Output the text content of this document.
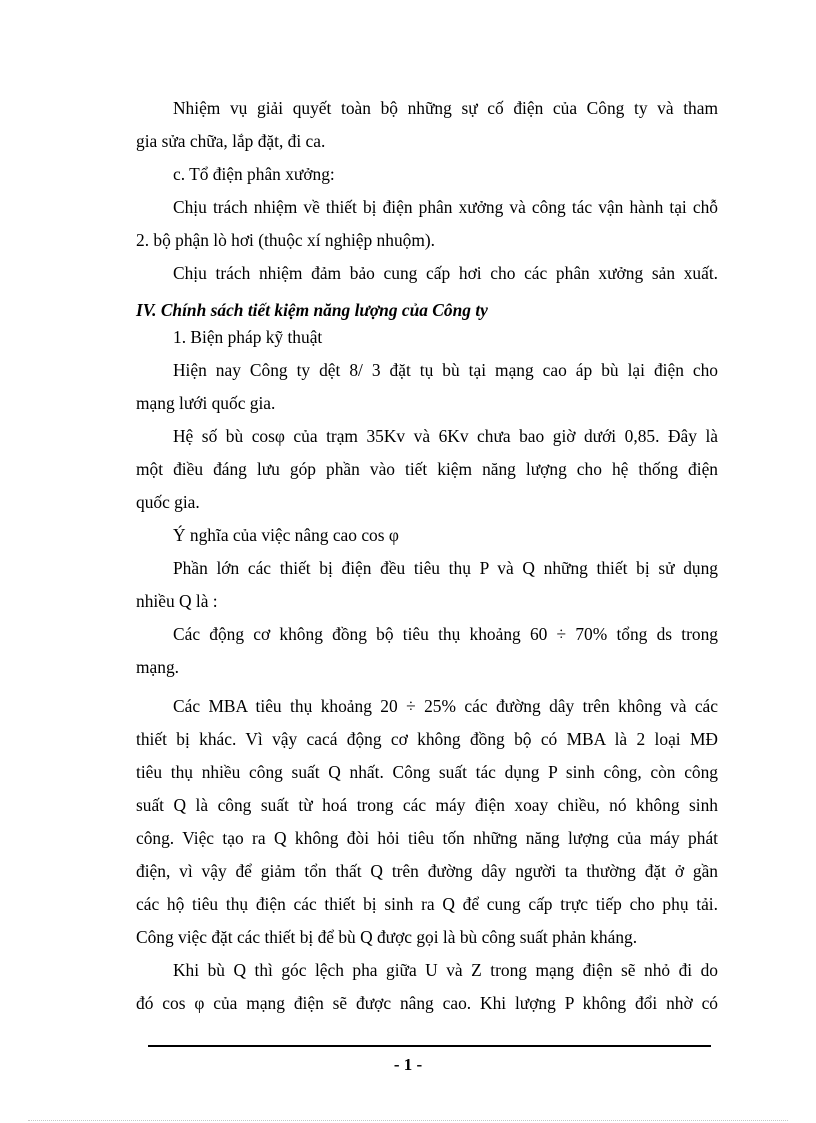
Nhiệm vụ giải quyết toàn bộ những sự cố điện của Công ty và tham
gia sửa chữa, lắp đặt, đi ca.
c. Tổ điện phân xưởng:
Chịu trách nhiệm về thiết bị điện phân xưởng và công tác vận hành tại chỗ
2. bộ phận lò hơi (thuộc xí nghiệp nhuộm).
Chịu trách nhiệm đảm bảo cung cấp hơi cho các phân xưởng sản xuất.
IV. Chính sách tiết kiệm năng lượng của Công ty
1. Biện pháp kỹ thuật
Hiện nay Công ty dệt 8/ 3 đặt tụ bù tại mạng cao áp bù lại điện cho
mạng lưới quốc gia.
Hệ số bù cosφ của trạm 35Kv và 6Kv chưa bao giờ dưới 0,85. Đây là
một điều đáng lưu góp phần vào tiết kiệm năng lượng cho hệ thống điện
quốc gia.
Ý nghĩa của việc nâng cao cos φ
Phần lớn các thiết bị điện đều tiêu thụ P và Q những thiết bị sử dụng
nhiều Q là :
Các động cơ không đồng bộ tiêu thụ khoảng 60 ÷ 70% tổng ds trong
mạng.
Các MBA tiêu thụ khoảng 20 ÷ 25% các đường dây trên không và các
thiết bị khác. Vì vậy cacá động cơ không đồng bộ có MBA là 2 loại MĐ
tiêu thụ nhiều công suất Q nhất. Công suất tác dụng P sinh công, còn công
suất Q là công suất từ hoá trong các máy điện xoay chiều, nó không sinh
công. Việc tạo ra Q không đòi hỏi tiêu tốn những năng lượng của máy phát
điện, vì vậy để giảm tổn thất Q trên đường dây người ta thường đặt ở gần
các hộ tiêu thụ điện các thiết bị sinh ra Q để cung cấp trực tiếp cho phụ tải.
Công việc đặt các thiết bị để bù Q được gọi là bù công suất phản kháng.
Khi bù Q thì góc lệch pha giữa U và Z trong mạng điện sẽ nhỏ đi do
đó cos φ của mạng điện sẽ được nâng cao. Khi lượng P không đổi nhờ có
- 1 -
